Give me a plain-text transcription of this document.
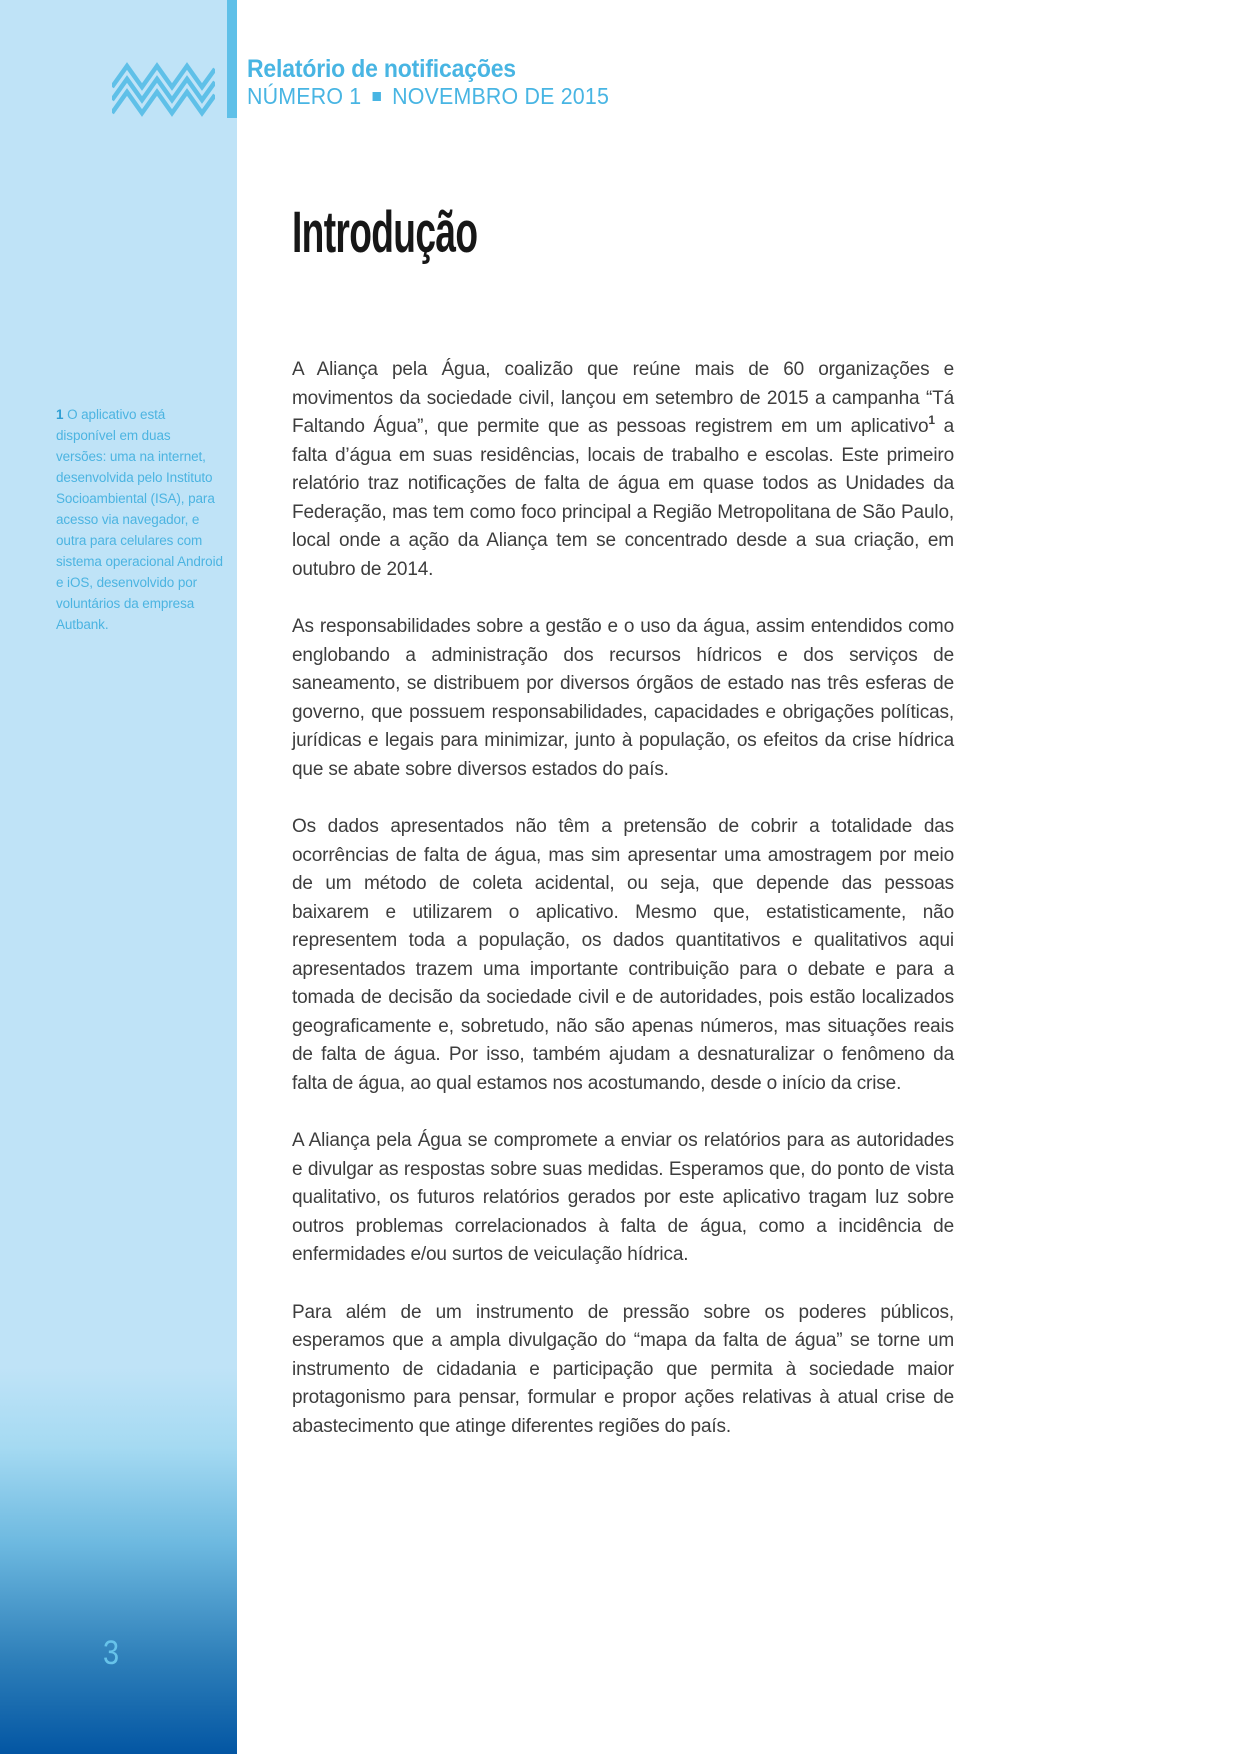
1 O aplicativo está disponível em duas versões: uma na internet, desenvolvida pelo Instituto Socioambiental (ISA), para acesso via navegador, e outra para celulares com sistema operacional Android e iOS, desenvolvido por voluntários da empresa Autbank.
3
Relatório de notificações
NÚMERO 1 NOVEMBRO DE 2015
Introdução

A Aliança pela Água, coalizão que reúne mais de 60 organizações e movimentos da sociedade civil, lançou em setembro de 2015 a campanha “Tá Faltando Água”, que permite que as pessoas registrem em um aplicativo$^1$ a falta d’água em suas residências, locais de trabalho e escolas. Este primeiro relatório traz notificações de falta de água em quase todos as Unidades da Federação, mas tem como foco principal a Região Metropolitana de São Paulo, local onde a ação da Aliança tem se concentrado desde a sua criação, em outubro de 2014.

As responsabilidades sobre a gestão e o uso da água, assim entendidos como englobando a administração dos recursos hídricos e dos serviços de saneamento, se distribuem por diversos órgãos de estado nas três esferas de governo, que possuem responsabilidades, capacidades e obrigações políticas, jurídicas e legais para minimizar, junto à população, os efeitos da crise hídrica que se abate sobre diversos estados do país.

Os dados apresentados não têm a pretensão de cobrir a totalidade das ocorrências de falta de água, mas sim apresentar uma amostragem por meio de um método de coleta acidental, ou seja, que depende das pessoas baixarem e utilizarem o aplicativo. Mesmo que, estatisticamente, não representem toda a população, os dados quantitativos e qualitativos aqui apresentados trazem uma importante contribuição para o debate e para a tomada de decisão da sociedade civil e de autoridades, pois estão localizados geograficamente e, sobretudo, não são apenas números, mas situações reais de falta de água. Por isso, também ajudam a desnaturalizar o fenômeno da falta de água, ao qual estamos nos acostumando, desde o início da crise.

A Aliança pela Água se compromete a enviar os relatórios para as autoridades e divulgar as respostas sobre suas medidas. Esperamos que, do ponto de vista qualitativo, os futuros relatórios gerados por este aplicativo tragam luz sobre outros problemas correlacionados à falta de água, como a incidência de enfermidades e/ou surtos de veiculação hídrica.

Para além de um instrumento de pressão sobre os poderes públicos, esperamos que a ampla divulgação do “mapa da falta de água” se torne um instrumento de cidadania e participação que permita à sociedade maior protagonismo para pensar, formular e propor ações relativas à atual crise de abastecimento que atinge diferentes regiões do país.
